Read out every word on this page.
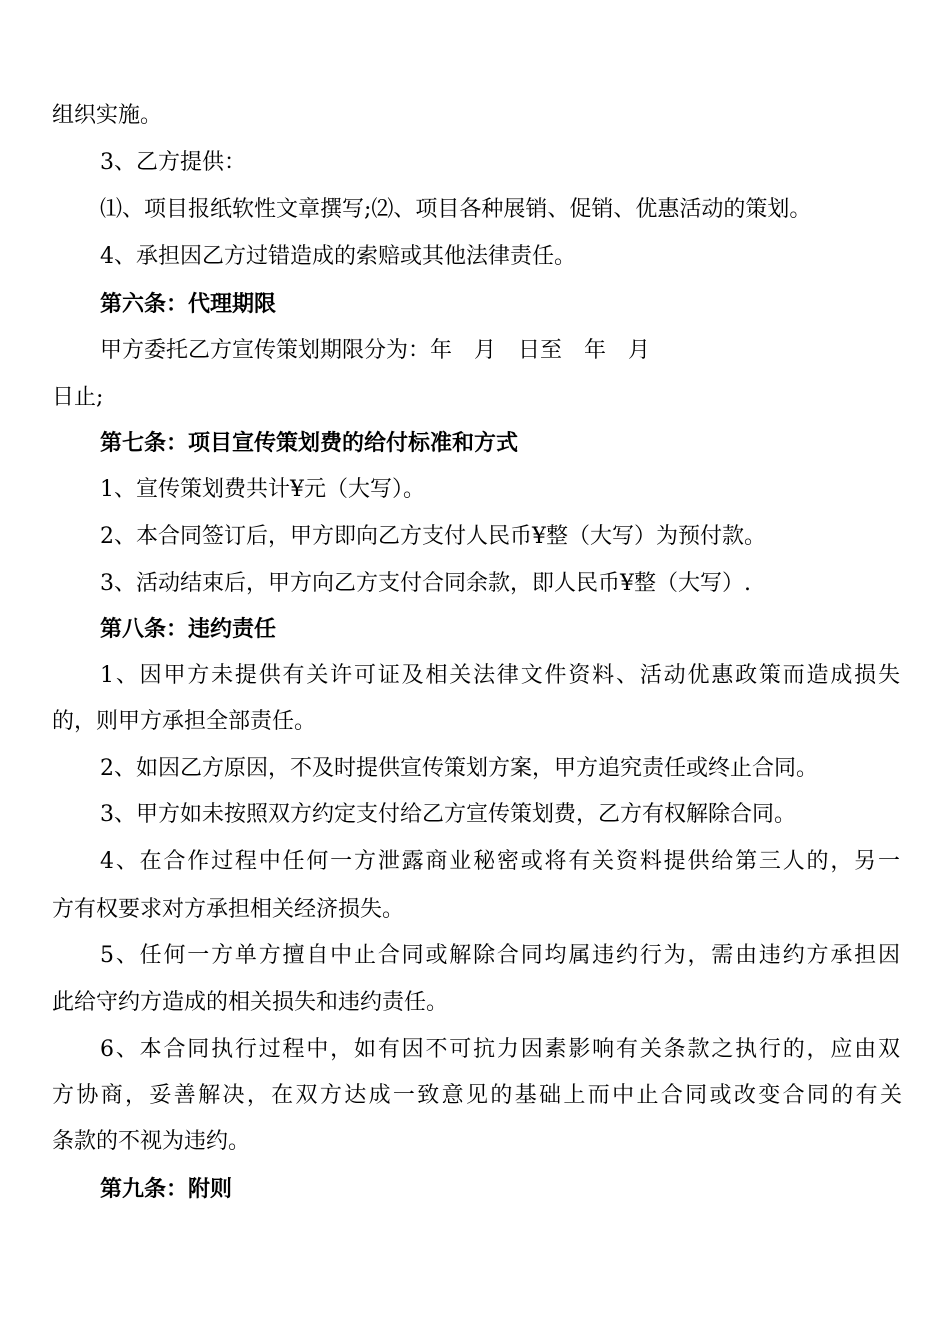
组织实施。
3、乙方提供：
⑴、项目报纸软性文章撰写;⑵、项目各种展销、促销、优惠活动的策划。
4、承担因乙方过错造成的索赔或其他法律责任。
第六条：代理期限
甲方委托乙方宣传策划期限分为：年　月　日至　年　月
日止;
第七条：项目宣传策划费的给付标准和方式
1、宣传策划费共计¥元（大写）。
2、本合同签订后，甲方即向乙方支付人民币¥整（大写）为预付款。
3、活动结束后，甲方向乙方支付合同余款，即人民币¥整（大写）.
第八条：违约责任
1、因甲方未提供有关许可证及相关法律文件资料、活动优惠政策而造成损失
的，则甲方承担全部责任。
2、如因乙方原因，不及时提供宣传策划方案，甲方追究责任或终止合同。
3、甲方如未按照双方约定支付给乙方宣传策划费，乙方有权解除合同。
4、在合作过程中任何一方泄露商业秘密或将有关资料提供给第三人的，另一
方有权要求对方承担相关经济损失。
5、任何一方单方擅自中止合同或解除合同均属违约行为，需由违约方承担因
此给守约方造成的相关损失和违约责任。
6、本合同执行过程中，如有因不可抗力因素影响有关条款之执行的，应由双
方协商，妥善解决，在双方达成一致意见的基础上而中止合同或改变合同的有关
条款的不视为违约。
第九条：附则
